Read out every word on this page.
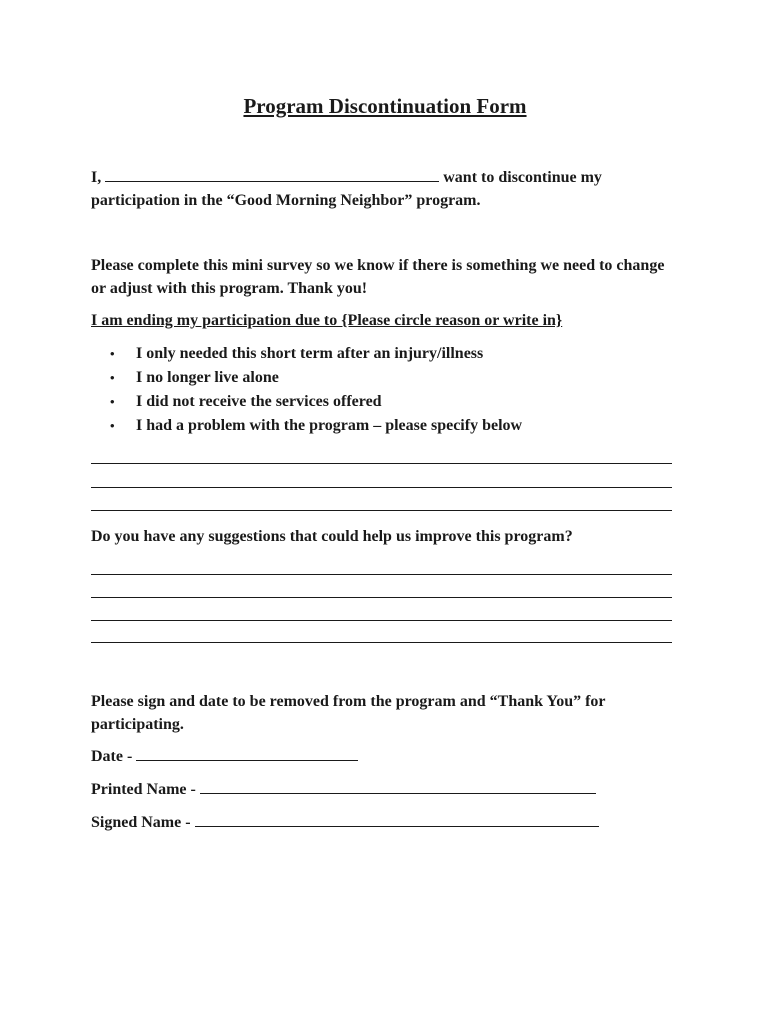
Program Discontinuation Form
I,	want to discontinue my
participation in the “Good Morning Neighbor” program.
Please complete this mini survey so we know if there is something we need to change or adjust with this program. Thank you!
I am ending my participation due to {Please circle reason or write in}
• I only needed this short term after an injury/illness
• I no longer live alone
• I did not receive the services offered
• I had a problem with the program – please specify below
Do you have any suggestions that could help us improve this program?
Please sign and date to be removed from the program and “Thank You” for participating.
Date -
Printed Name -
Signed Name -
